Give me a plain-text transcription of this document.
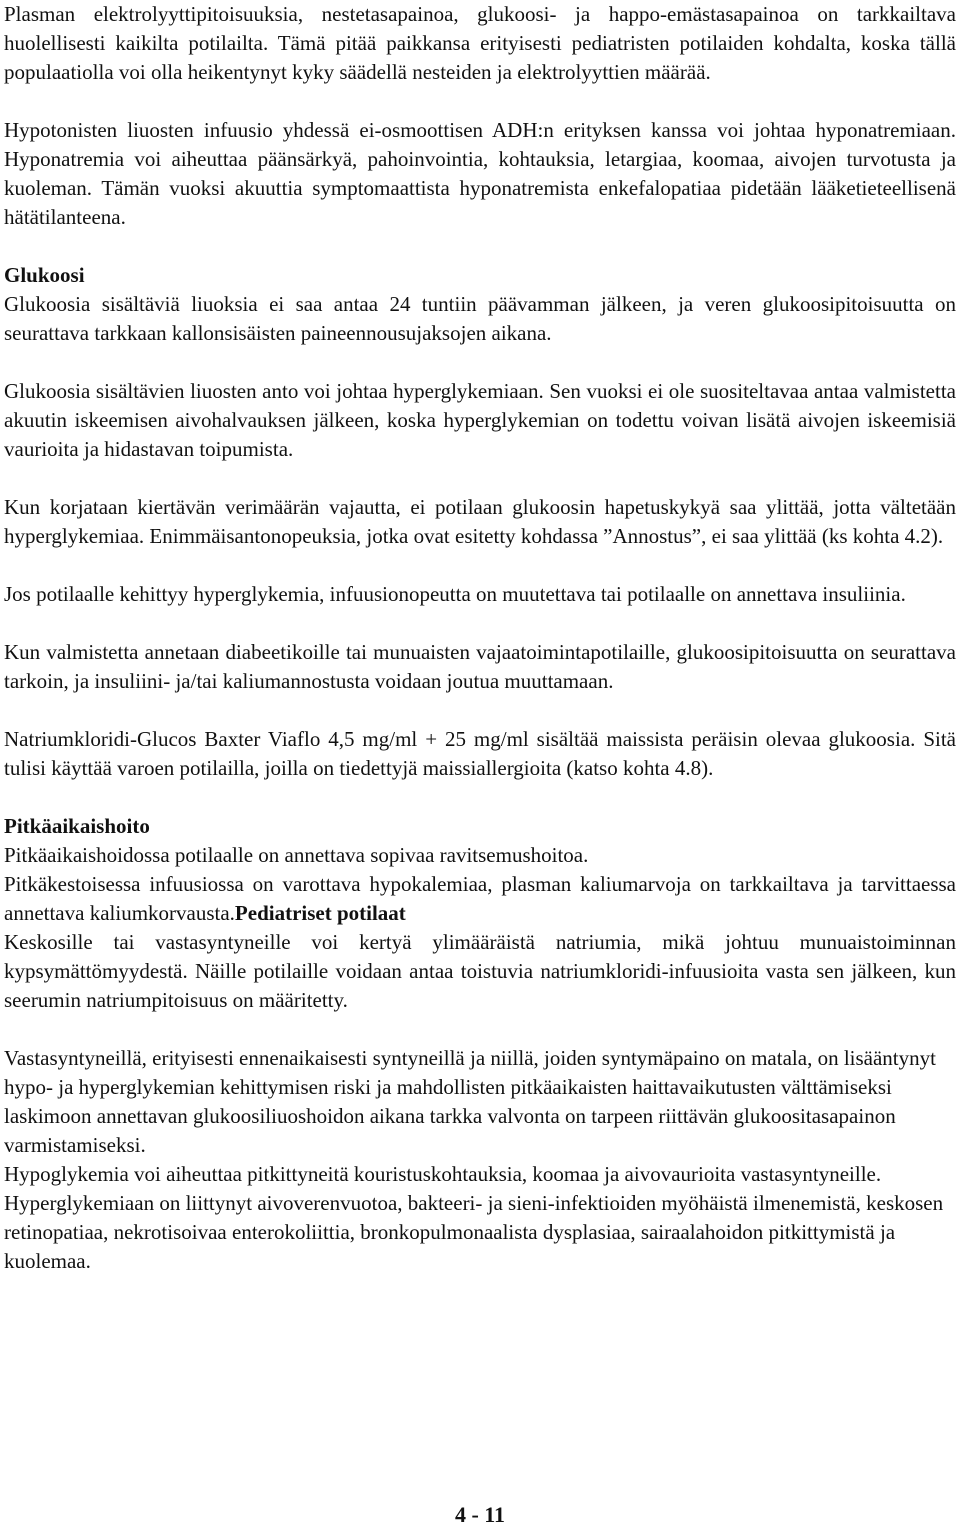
Plasman elektrolyyttipitoisuuksia, nestetasapainoa, glukoosi- ja happo-emästasapainoa on tarkkailtava huolellisesti kaikilta potilailta. Tämä pitää paikkansa erityisesti pediatristen potilaiden kohdalta, koska tällä populaatiolla voi olla heikentynyt kyky säädellä nesteiden ja elektrolyyttien määrää.

Hypotonisten liuosten infuusio yhdessä ei-osmoottisen ADH:n erityksen kanssa voi johtaa hyponatremiaan. Hyponatremia voi aiheuttaa päänsärkyä, pahoinvointia, kohtauksia, letargiaa, koomaa, aivojen turvotusta ja kuoleman. Tämän vuoksi akuuttia symptomaattista hyponatremista enkefalopatiaa pidetään lääketieteellisenä hätätilanteena.

Glukoosi

Glukoosia sisältäviä liuoksia ei saa antaa 24 tuntiin päävamman jälkeen, ja veren glukoosipitoisuutta on seurattava tarkkaan kallonsisäisten paineennousujaksojen aikana.

Glukoosia sisältävien liuosten anto voi johtaa hyperglykemiaan. Sen vuoksi ei ole suositeltavaa antaa valmistetta akuutin iskeemisen aivohalvauksen jälkeen, koska hyperglykemian on todettu voivan lisätä aivojen iskeemisiä vaurioita ja hidastavan toipumista.

Kun korjataan kiertävän verimäärän vajautta, ei potilaan glukoosin hapetuskykyä saa ylittää, jotta vältetään hyperglykemiaa. Enimmäisantonopeuksia, jotka ovat esitetty kohdassa ”Annostus”, ei saa ylittää (ks kohta 4.2).

Jos potilaalle kehittyy hyperglykemia, infuusionopeutta on muutettava tai potilaalle on annettava insuliinia.

Kun valmistetta annetaan diabeetikoille tai munuaisten vajaatoimintapotilaille, glukoosipitoisuutta on seurattava tarkoin, ja insuliini- ja/tai kaliumannostusta voidaan joutua muuttamaan.

Natriumkloridi-Glucos Baxter Viaflo 4,5 mg/ml + 25 mg/ml sisältää maissista peräisin olevaa glukoosia. Sitä tulisi käyttää varoen potilailla, joilla on tiedettyjä maissiallergioita (katso kohta 4.8).

Pitkäaikaishoito

Pitkäaikaishoidossa potilaalle on annettava sopivaa ravitsemushoitoa.

Pitkäkestoisessa infuusiossa on varottava hypokalemiaa, plasman kaliumarvoja on tarkkailtava ja tarvittaessa annettava kaliumkorvausta.Pediatriset potilaat

Keskosille tai vastasyntyneille voi kertyä ylimääräistä natriumia, mikä johtuu munuaistoiminnan kypsymättömyydestä. Näille potilaille voidaan antaa toistuvia natriumkloridi-infuusioita vasta sen jälkeen, kun seerumin natriumpitoisuus on määritetty.

Vastasyntyneillä, erityisesti ennenaikaisesti syntyneillä ja niillä, joiden syntymäpaino on matala, on lisääntynyt hypo- ja hyperglykemian kehittymisen riski ja mahdollisten pitkäaikaisten haittavaikutusten välttämiseksi laskimoon annettavan glukoosiliuoshoidon aikana tarkka valvonta on tarpeen riittävän glukoositasapainon varmistamiseksi.

Hypoglykemia voi aiheuttaa pitkittyneitä kouristuskohtauksia, koomaa ja aivovaurioita vastasyntyneille. Hyperglykemiaan on liittynyt aivoverenvuotoa, bakteeri- ja sieni-infektioiden myöhäistä ilmenemistä, keskosen retinopatiaa, nekrotisoivaa enterokoliittia, bronkopulmonaalista dysplasiaa, sairaalahoidon pitkittymistä ja kuolemaa.

4 - 11
